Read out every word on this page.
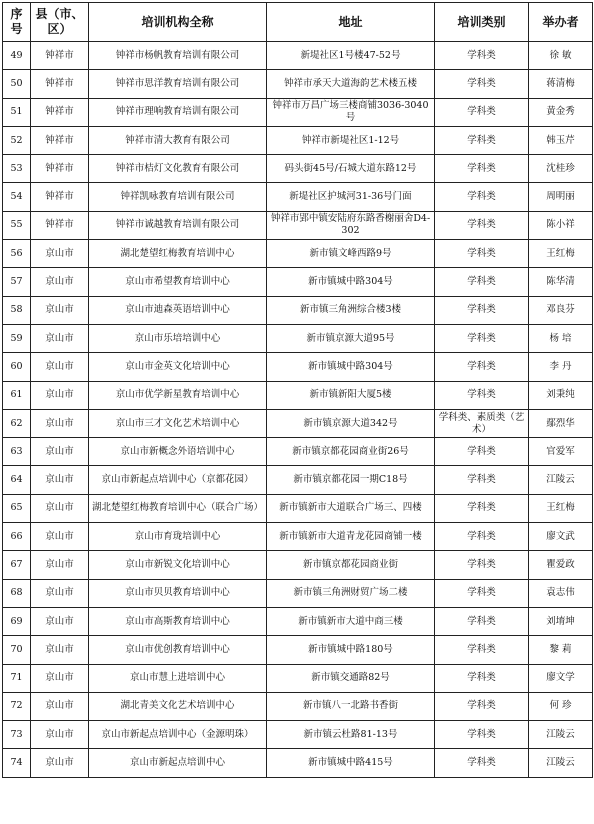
序号	县（市、区）	培训机构全称	地址	培训类别	举办者
49	钟祥市	钟祥市杨帆教育培训有限公司	新堤社区1号楼47-52号	学科类	徐 敏
50	钟祥市	钟祥市思洋教育培训有限公司	钟祥市承天大道海韵艺术楼五楼	学科类	蒋清梅
51	钟祥市	钟祥市理响教育培训有限公司	钟祥市万昌广场三楼商铺3036-3040号	学科类	黄金秀
52	钟祥市	钟祥市清大教育有限公司	钟祥市新堤社区1-12号	学科类	韩玉芹
53	钟祥市	钟祥市桔灯文化教育有限公司	码头街45号/石城大道东路12号	学科类	沈桂珍
54	钟祥市	钟祥凯咏教育培训有限公司	新堤社区护城河31-36号门面	学科类	周明丽
55	钟祥市	钟祥市诚越教育培训有限公司	钟祥市郢中镇安陆府东路香榭丽舍D4-302	学科类	陈小祥
56	京山市	湖北楚望红梅教育培训中心	新市镇文峰西路9号	学科类	王红梅
57	京山市	京山市希望教育培训中心	新市镇城中路304号	学科类	陈华清
58	京山市	京山市迪森英语培训中心	新市镇三角洲综合楼3楼	学科类	邓良芬
59	京山市	京山市乐培培训中心	新市镇京源大道95号	学科类	杨 培
60	京山市	京山市金英文化培训中心	新市镇城中路304号	学科类	李 丹
61	京山市	京山市优学新星教育培训中心	新市镇新阳大厦5楼	学科类	刘秉纯
62	京山市	京山市三才文化艺术培训中心	新市镇京源大道342号	学科类、素质类（艺术）	鄢烈华
63	京山市	京山市新概念外语培训中心	新市镇京都花园商业街26号	学科类	官爱军
64	京山市	京山市新起点培训中心（京都花园）	新市镇京都花园一期C18号	学科类	江陵云
65	京山市	湖北楚望红梅教育培训中心（联合广场）	新市镇新市大道联合广场三、四楼	学科类	王红梅
66	京山市	京山市育珑培训中心	新市镇新市大道青龙花园商铺一楼	学科类	廖文武
67	京山市	京山市新锐文化培训中心	新市镇京都花园商业街	学科类	瞿爱政
68	京山市	京山市贝贝教育培训中心	新市镇三角洲财贸广场二楼	学科类	袁志伟
69	京山市	京山市高斯教育培训中心	新市镇新市大道中商三楼	学科类	刘堉坤
70	京山市	京山市优创教育培训中心	新市镇城中路180号	学科类	黎 莉
71	京山市	京山市慧上进培训中心	新市镇交通路82号	学科类	廖文学
72	京山市	湖北青美文化艺术培训中心	新市镇八一北路书香街	学科类	何 珍
73	京山市	京山市新起点培训中心（金源明珠）	新市镇云杜路81-13号	学科类	江陵云
74	京山市	京山市新起点培训中心	新市镇城中路415号	学科类	江陵云
